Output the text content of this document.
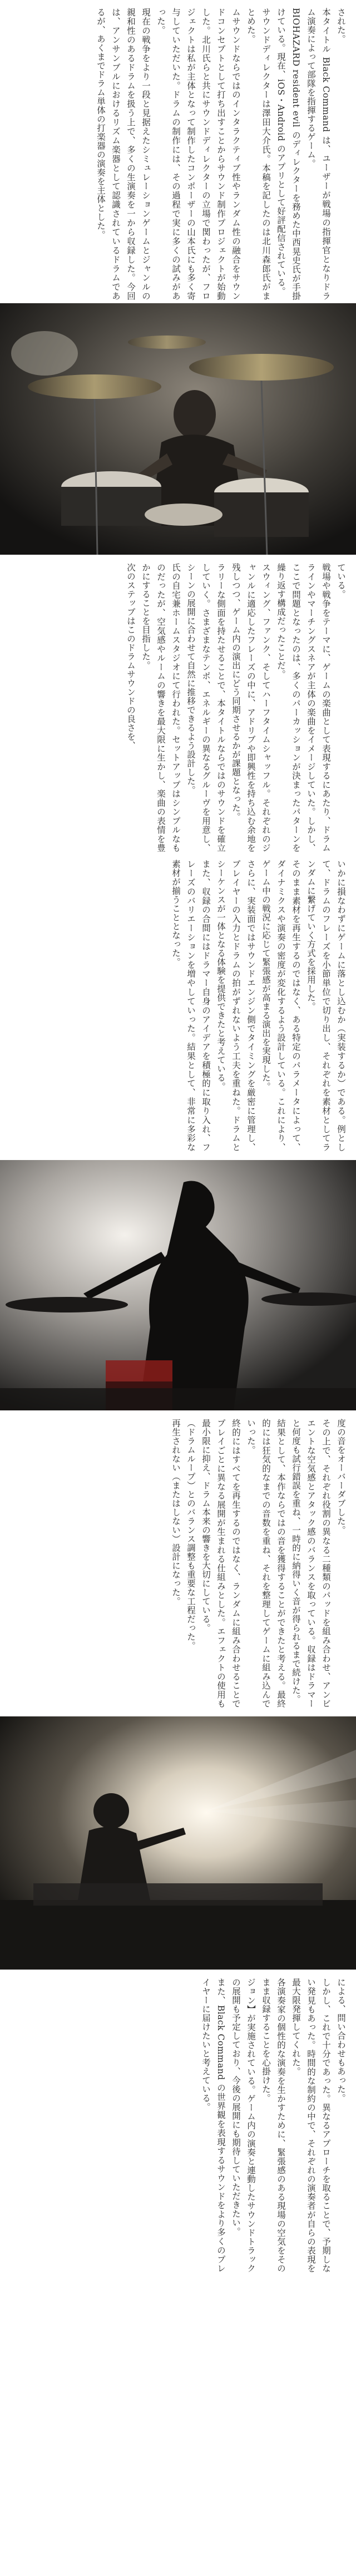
された。

本タイトル Black Command は、ユーザーが戦場の指揮官となりドラム演奏によって部隊を指揮するゲーム。

BIOHAZARD resident evil のディレクターを務めた中西晃史氏が手掛けている。現在、iOS・Android のアプリとして好評配信されている。

サウンドディレクターは澤田大介氏。本稿を記したのは北川森郎氏がまとめた。

ムサウンドならではのインタラクティブ性やランダム性の融合をサウンドコンセプトとして打ち出すことからサウンド制作プロジェクトが始動した。北川氏らと共にサウンドディレクターの立場で関わったが、フロジェクトは私が主体となって制作したコンポーザーの山本氏にも多く寄与していただいた。ドラムの制作には、その過程で実に多くの試みがあった。

現在の戦争をより一段と見据えたシミュレーションゲームとジャンルの親和性のあるドラムを扱う上で、多くの生演奏を一から収録した。今回は、アンサンブルにおけるリズム楽器として認識されているドラムであるが、あくまでドラム単体の打楽器の演奏を主体とした。

ている。

戦場や戦争をテーマに、ゲームの楽曲として表現するにあたり、ドラムラインやマーチングスネアが主体の楽曲をイメージしていた。しかし、ここで問題となったのは、多くのパーカッションが決まったパターンを繰り返す構成だったことだ。

スウィング、ファンク、そしてハーフタイムシャッフル。それぞれのジャンルに適応したフレーズの中に、アドリブや即興性を持ち込む余地を残しつつ、ゲーム内の演出にどう同期させるかが課題となった。

ラリーな側面を持たせることで、本タイトルならではのサウンドを確立していく。さまざまなテンポ、エネルギーの異なるグルーヴを用意し、シーンの展開に合わせて自然に推移できるよう設計した。

氏の自宅兼ホームスタジオにて行われた。セットアップはシンプルなものだったが、空気感やルームの響きを最大限に生かし、楽曲の表情を豊かにすることを目指した。

次のステップはこのドラムサウンドの良さを、

いかに損なわずにゲームに落とし込むか（実装するか）である。例として、ドラムのフレーズを小節単位で切り出し、それぞれを素材としてランダムに繋げていく方式を採用した。

そのまま素材を再生するのではなく、ある特定のパラメータによって、ダイナミクスや演奏の密度が変化するよう設計している。これにより、ゲーム中の戦況に応じて緊張感が高まる演出を実現した。

さらに、実装面ではサウンドエンジン側でタイミングを厳密に管理し、プレイヤーの入力とドラムの拍がずれないよう工夫を重ねた。ドラムとシーケンスが一体となる体験を提供できたと考えている。

また、収録の合間にはドラマー自身のアイデアを積極的に取り入れ、フレーズのバリエーションを増やしていった。結果として、非常に多彩な素材が揃うこととなった。

度の音をオーバーダブした。

その上で、それぞれ役割の異なる二種類のパッドを組み合わせ、アンビエントな空気感とアタック感のバランスを取っている。収録はドラマーと何度も試行錯誤を重ね、一時的に納得いく音が得られるまで続けた。

結果として、本作ならではの音を獲得することができたと考える。最終的には狂気的なまでの音数を重ね、それを整理してゲームに組み込んでいった。

終的にはすべてを再生するのではなく、ランダムに組み合わせることでプレイごとに異なる展開が生まれる仕組みとした。エフェクトの使用も最小限に抑え、ドラム本来の響きを大切にしている。

（ドラムループ）とのバランス調整も重要な工程だった。

再生されない（またはしない）設計になった。

による、問い合わせもあった。

しかし、これで十分であった。異なるアプローチを取ることで、予期しない発見もあった。時間的な制約の中で、それぞれの演奏者が自らの表現を最大限発揮してくれた。

各演奏家の個性的な演奏を生かすために、緊張感のある現場の空気をそのまま収録することを心掛けた。

ジョン】が実施されている。ゲーム内の演奏と連動したサウンドトラックの展開も予定しており、今後の展開にも期待していただきたい。

また、Black Command の世界観を表現するサウンドをより多くのプレイヤーに届けたいと考えている。
